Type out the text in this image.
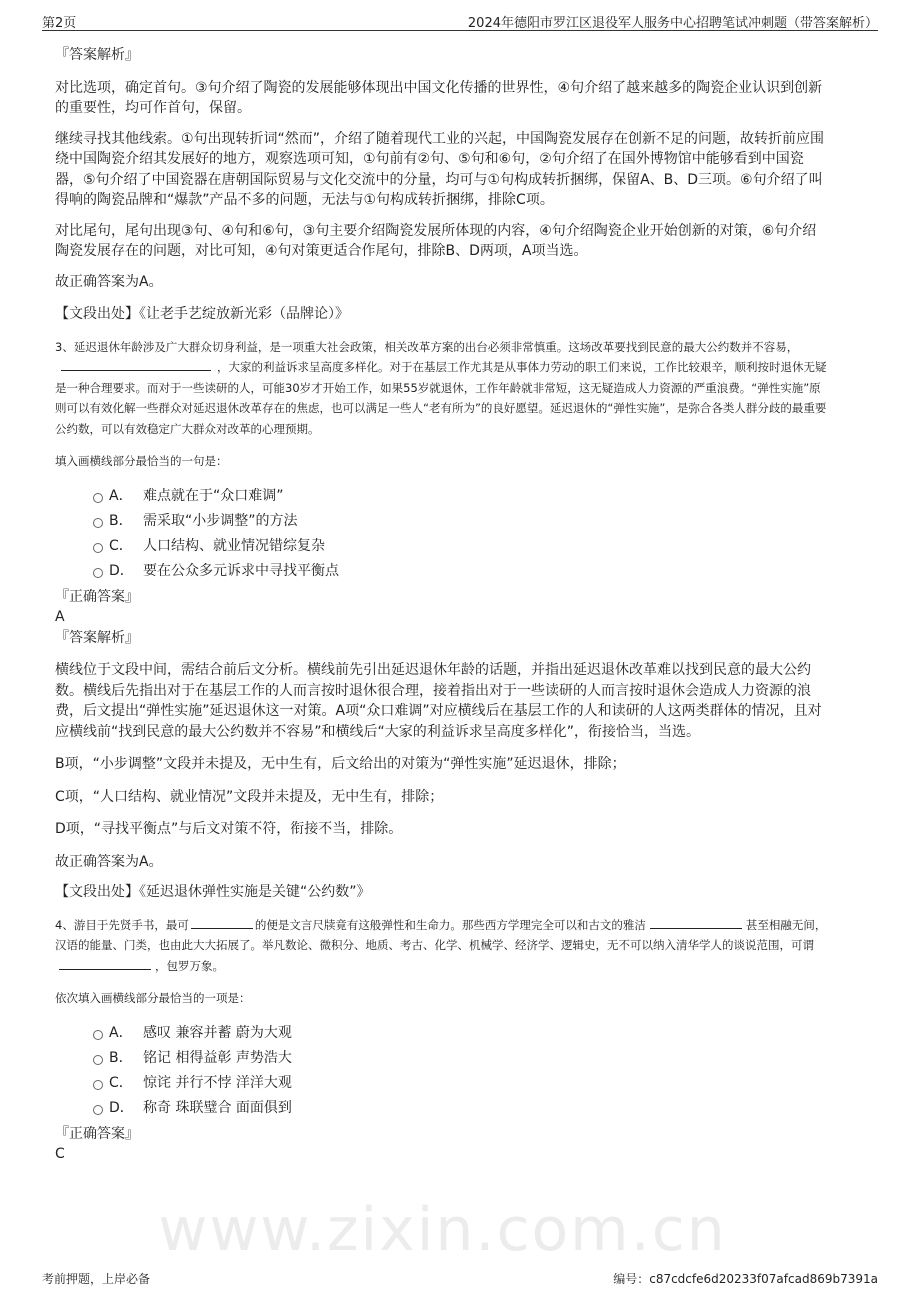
第2页	2024年德阳市罗江区退役军人服务中心招聘笔试冲刺题（带答案解析）
『答案解析』
对比选项，确定首句。③句介绍了陶瓷的发展能够体现出中国文化传播的世界性，④句介绍了越来越多的陶瓷企业认识到创新的重要性，均可作首句，保留。
继续寻找其他线索。①句出现转折词“然而”，介绍了随着现代工业的兴起，中国陶瓷发展存在创新不足的问题，故转折前应围绕中国陶瓷介绍其发展好的地方，观察选项可知，①句前有②句、⑤句和⑥句，②句介绍了在国外博物馆中能够看到中国瓷器，⑤句介绍了中国瓷器在唐朝国际贸易与文化交流中的分量，均可与①句构成转折捆绑，保留A、B、D三项。⑥句介绍了叫得响的陶瓷品牌和“爆款”产品不多的问题，无法与①句构成转折捆绑，排除C项。
对比尾句，尾句出现③句、④句和⑥句，③句主要介绍陶瓷发展所体现的内容，④句介绍陶瓷企业开始创新的对策，⑥句介绍陶瓷发展存在的问题，对比可知，④句对策更适合作尾句，排除B、D两项，A项当选。
故正确答案为A。
【文段出处】《让老手艺绽放新光彩（品牌论）》
3、延迟退休年龄涉及广大群众切身利益，是一项重大社会政策，相关改革方案的出台必须非常慎重。这场改革要找到民意的最大公约数并不容易，，大家的利益诉求呈高度多样化。对于在基层工作尤其是从事体力劳动的职工们来说，工作比较艰辛，顺利按时退休无疑是一种合理要求。而对于一些读研的人，可能30岁才开始工作，如果55岁就退休，工作年龄就非常短，这无疑造成人力资源的严重浪费。“弹性实施”原则可以有效化解一些群众对延迟退休改革存在的焦虑，也可以满足一些人“老有所为”的良好愿望。延迟退休的“弹性实施”，是弥合各类人群分歧的最重要公约数，可以有效稳定广大群众对改革的心理预期。
填入画横线部分最恰当的一句是：
A． 难点就在于“众口难调”
B． 需采取“小步调整”的方法
C． 人口结构、就业情况错综复杂
D． 要在公众多元诉求中寻找平衡点
『正确答案』
A
『答案解析』
横线位于文段中间，需结合前后文分析。横线前先引出延迟退休年龄的话题，并指出延迟退休改革难以找到民意的最大公约数。横线后先指出对于在基层工作的人而言按时退休很合理，接着指出对于一些读研的人而言按时退休会造成人力资源的浪费，后文提出“弹性实施”延迟退休这一对策。A项“众口难调”对应横线后在基层工作的人和读研的人这两类群体的情况，且对应横线前“找到民意的最大公约数并不容易”和横线后“大家的利益诉求呈高度多样化”，衔接恰当，当选。
B项，“小步调整”文段并未提及，无中生有，后文给出的对策为“弹性实施”延迟退休，排除；
C项，“人口结构、就业情况”文段并未提及，无中生有，排除；
D项，“寻找平衡点”与后文对策不符，衔接不当，排除。
故正确答案为A。
【文段出处】《延迟退休弹性实施是关键“公约数”》
4、游目于先贤手书，最可	的便是文言尺牍竟有这般弹性和生命力。那些西方学理完全可以和古文的雅洁	甚至相融无间，汉语的能量、门类，也由此大大拓展了。举凡数论、微积分、地质、考古、化学、机械学、经济学、逻辑史，无不可以纳入清华学人的谈说范围，可谓，包罗万象。
依次填入画横线部分最恰当的一项是：
A． 感叹 兼容并蓄 蔚为大观
B． 铭记 相得益彰 声势浩大
C． 惊诧 并行不悖 洋洋大观
D． 称奇 珠联璧合 面面俱到
『正确答案』
C
www.zixin.com.cn
考前押题，上岸必备	编号：c87cdcfe6d20233f07afcad869b7391a
